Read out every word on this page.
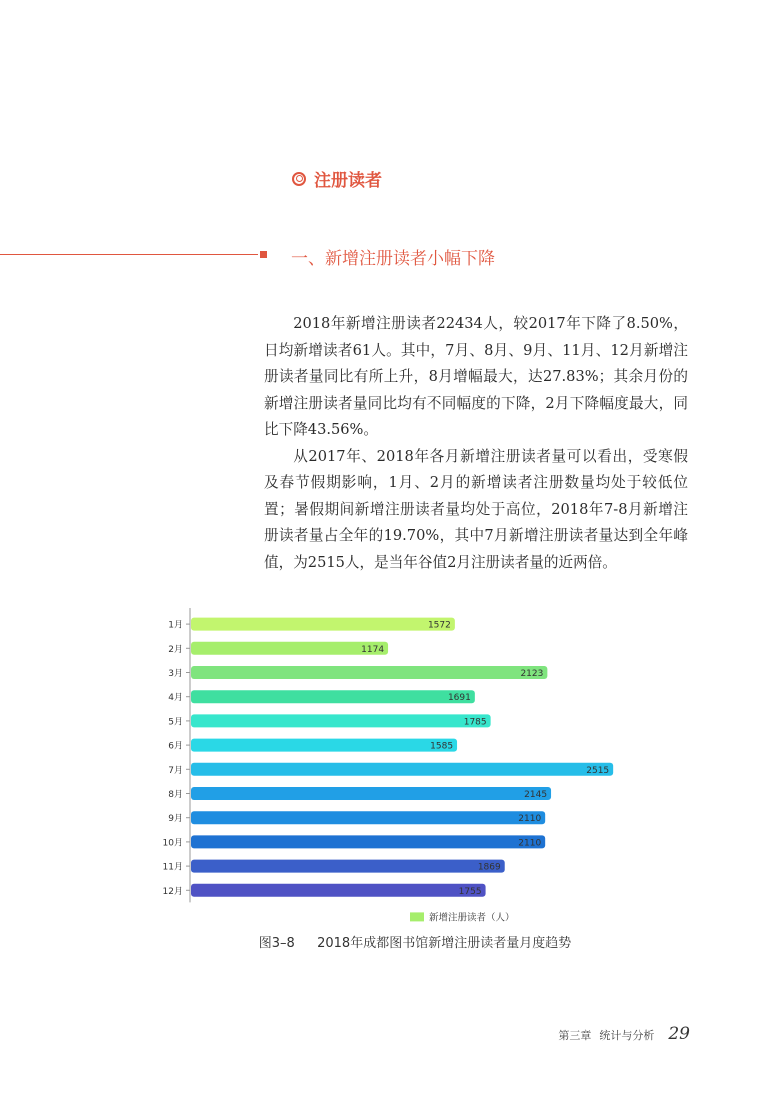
注册读者
一、新增注册读者小幅下降

2018年新增注册读者22434人，较2017年下降了8.50%，日均新增读者61人。其中，7月、8月、9月、11月、12月新增注册读者量同比有所上升，8月增幅最大，达27.83%；其余月份的新增注册读者量同比均有不同幅度的下降，2月下降幅度最大，同比下降43.56%。

从2017年、2018年各月新增注册读者量可以看出，受寒假及春节假期影响，1月、2月的新增读者注册数量均处于较低位置；暑假期间新增注册读者量均处于高位，2018年7-8月新增注册读者量占全年的19.70%，其中7月新增注册读者量达到全年峰值，为2515人，是当年谷值2月注册读者量的近两倍。

1月	1572
2月	1174
3月	2123
4月	1691
5月	1785
6月	1585
7月	2515
8月	2145
9月	2110
10月	2110
11月	1869
12月	1755
新增注册读者（人）
图3–8 2018年成都图书馆新增注册读者量月度趋势
第三章 统计与分析 29
